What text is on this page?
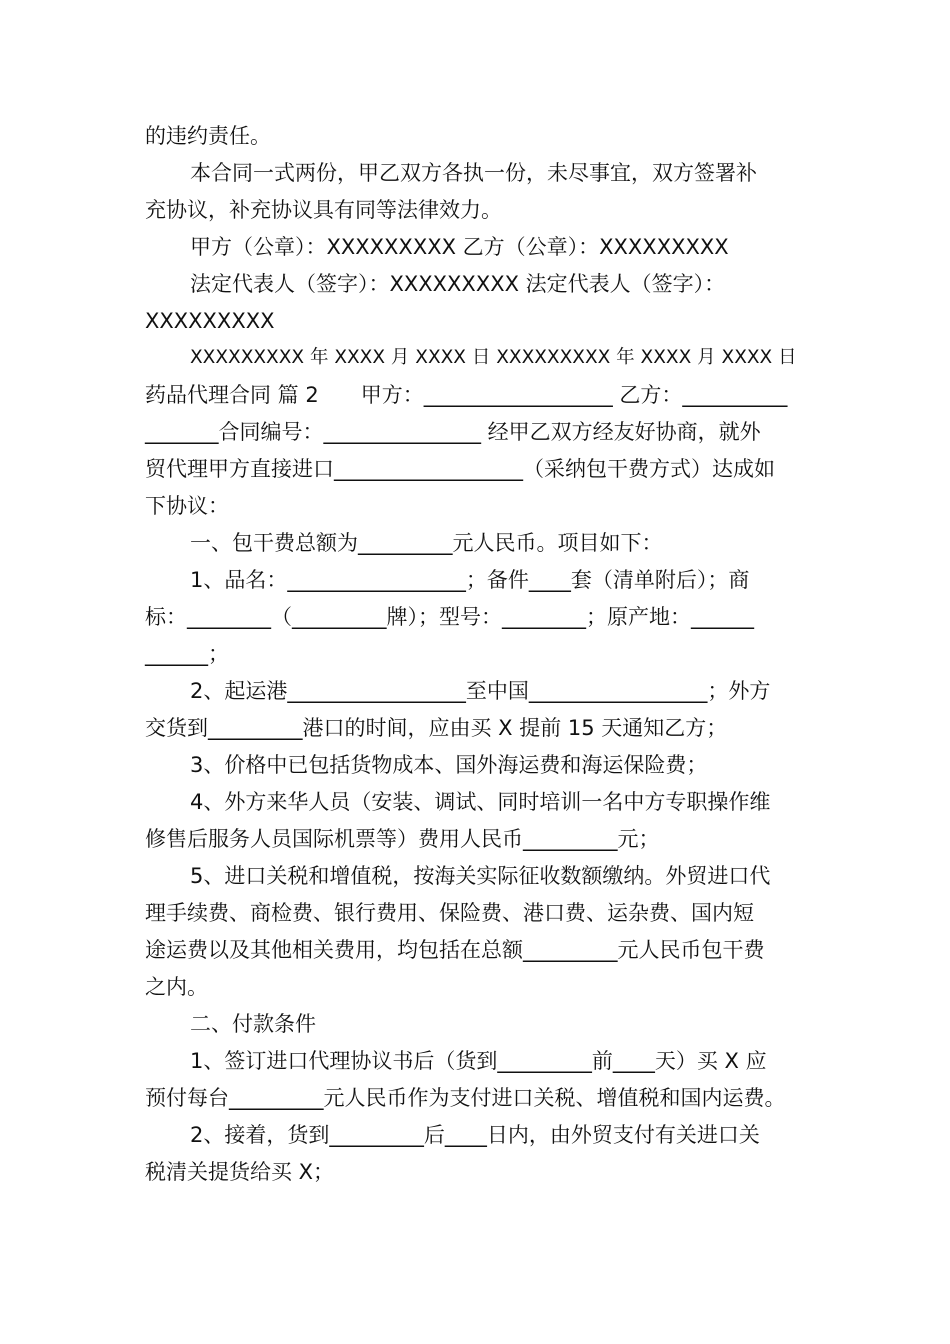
的违约责任。
本合同一式两份，甲乙双方各执一份，未尽事宜，双方签署补
充协议，补充协议具有同等法律效力。
甲方（公章）：XXXXXXXXX 乙方（公章）：XXXXXXXXX
法定代表人（签字）：XXXXXXXXX 法定代表人（签字）：
XXXXXXXXX
XXXXXXXXX 年 XXXX 月 XXXX 日 XXXXXXXXX 年 XXXX 月 XXXX 日
药品代理合同 篇 2　　甲方：__________________ 乙方：__________
_______合同编号：_______________ 经甲乙双方经友好协商，就外
贸代理甲方直接进口__________________（采纳包干费方式）达成如
下协议：
一、包干费总额为_________元人民币。项目如下：
1、品名：_________________；备件____套（清单附后）；商
标：________（_________牌）；型号：________；原产地：______
______；
2、起运港_________________至中国_________________；外方
交货到_________港口的时间，应由买 X 提前 15 天通知乙方；
3、价格中已包括货物成本、国外海运费和海运保险费；
4、外方来华人员（安装、调试、同时培训一名中方专职操作维
修售后服务人员国际机票等）费用人民币_________元；
5、进口关税和增值税，按海关实际征收数额缴纳。外贸进口代
理手续费、商检费、银行费用、保险费、港口费、运杂费、国内短
途运费以及其他相关费用，均包括在总额_________元人民币包干费
之内。
二、付款条件
1、签订进口代理协议书后（货到_________前____天）买 X 应
预付每台_________元人民币作为支付进口关税、增值税和国内运费。
2、接着，货到_________后____日内，由外贸支付有关进口关
税清关提货给买 X；
